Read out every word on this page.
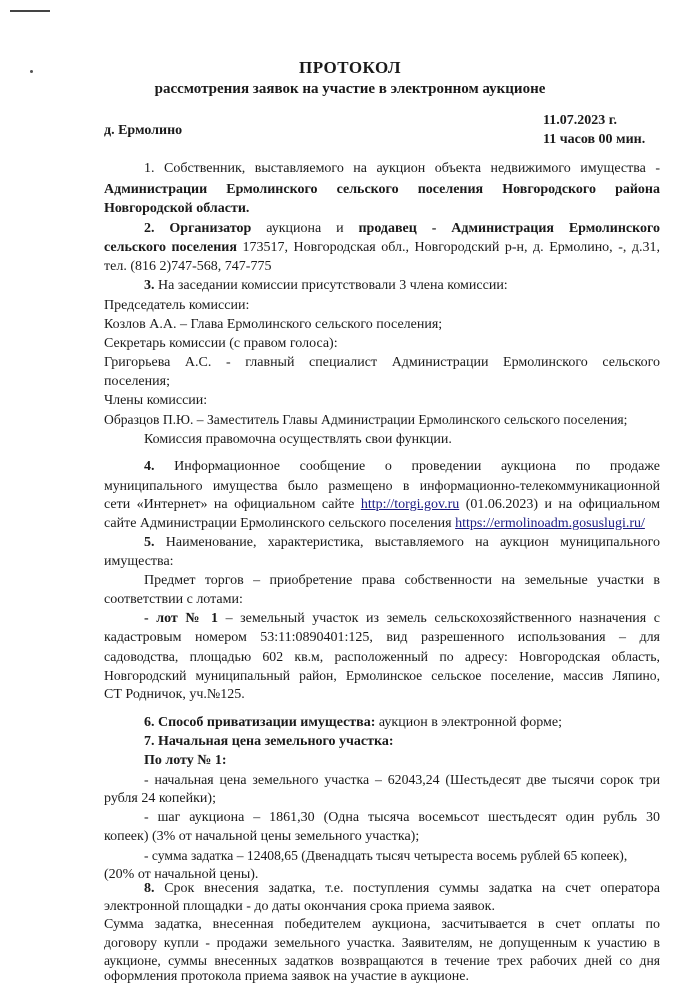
ПРОТОКОЛ
рассмотрения заявок на участие в электронном аукционе
д. Ермолино
11.07.2023 г.
11 часов 00 мин.
1. Собственник, выставляемого на аукцион объекта недвижимого имущества -
Администрации Ермолинского сельского поселения Новгородского района
Новгородской области.
2. Организатор аукциона и продавец - Администрация Ермолинского
сельского поселения 173517, Новгородская обл., Новгородский р-н, д. Ермолино, -, д.31,
тел. (816 2)747-568, 747-775
3. На заседании комиссии присутствовали 3 члена комиссии:
Председатель комиссии:
Козлов А.А. – Глава Ермолинского сельского поселения;
Секретарь комиссии (с правом голоса):
Григорьева А.С. - главный специалист Администрации Ермолинского сельского
поселения;
Члены комиссии:
Образцов П.Ю. – Заместитель Главы Администрации Ермолинского сельского поселения;
Комиссия правомочна осуществлять свои функции.
4. Информационное сообщение о проведении аукциона по продаже
муниципального имущества было размещено в информационно-телекоммуникационной
сети «Интернет» на официальном сайте http://torgi.gov.ru (01.06.2023) и на официальном
сайте Администрации Ермолинского сельского поселения https://ermolinoadm.gosuslugi.ru/
5. Наименование, характеристика, выставляемого на аукцион муниципального
имущества:
Предмет торгов – приобретение права собственности на земельные участки в
соответствии с лотами:
- лот № 1 – земельный участок из земель сельскохозяйственного назначения с
кадастровым номером 53:11:0890401:125, вид разрешенного использования – для
садоводства, площадью 602 кв.м, расположенный по адресу: Новгородская область,
Новгородский муниципальный район, Ермолинское сельское поселение, массив Ляпино,
СТ Родничок, уч.№125.
6. Способ приватизации имущества: аукцион в электронной форме;
7. Начальная цена земельного участка:
По лоту № 1:
- начальная цена земельного участка – 62043,24 (Шестьдесят две тысячи сорок три
рубля 24 копейки);
- шаг аукциона – 1861,30 (Одна тысяча восемьсот шестьдесят один рубль 30
копеек) (3% от начальной цены земельного участка);
- сумма задатка – 12408,65 (Двенадцать тысяч четыреста восемь рублей 65 копеек),
(20% от начальной цены).
8. Срок внесения задатка, т.е. поступления суммы задатка на счет оператора
электронной площадки - до даты окончания срока приема заявок.
Сумма задатка, внесенная победителем аукциона, засчитывается в счет оплаты по
договору купли - продажи земельного участка. Заявителям, не допущенным к участию в
аукционе, суммы внесенных задатков возвращаются в течение трех рабочих дней со дня
оформления протокола приема заявок на участие в аукционе.
